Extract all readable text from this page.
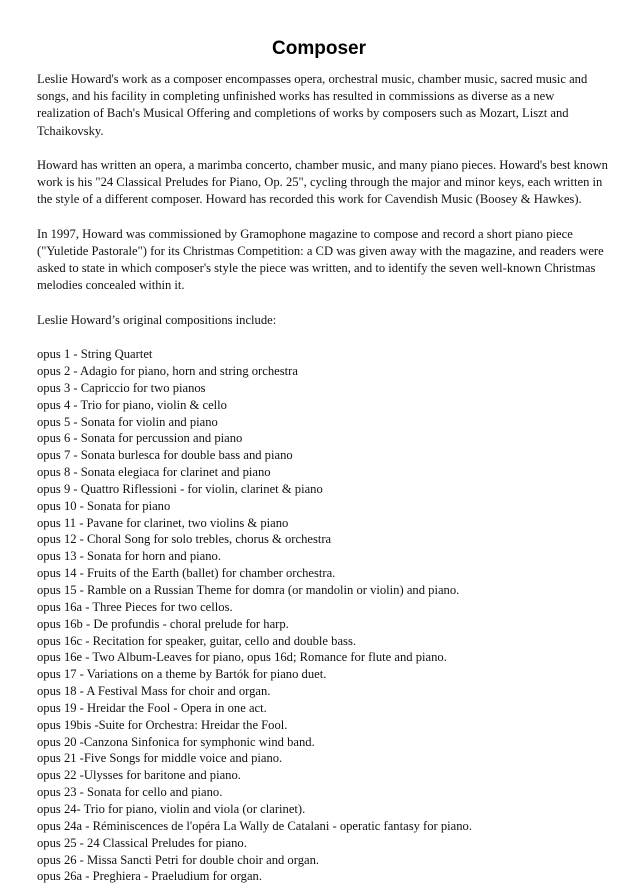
Composer

Leslie Howard's work as a composer encompasses opera, orchestral music, chamber music, sacred music and songs, and his facility in completing unfinished works has resulted in commissions as diverse as a new realization of Bach's Musical Offering and completions of works by composers such as Mozart, Liszt and Tchaikovsky.

Howard has written an opera, a marimba concerto, chamber music, and many piano pieces. Howard's best known work is his "24 Classical Preludes for Piano, Op. 25", cycling through the major and minor keys, each written in the style of a different composer. Howard has recorded this work for Cavendish Music (Boosey & Hawkes).

In 1997, Howard was commissioned by Gramophone magazine to compose and record a short piano piece ("Yuletide Pastorale") for its Christmas Competition: a CD was given away with the magazine, and readers were asked to state in which composer's style the piece was written, and to identify the seven well-known Christmas melodies concealed within it.

Leslie Howard’s original compositions include:

opus 1 - String Quartet
opus 2 - Adagio for piano, horn and string orchestra
opus 3 - Capriccio for two pianos
opus 4 - Trio for piano, violin & cello
opus 5 - Sonata for violin and piano
opus 6 - Sonata for percussion and piano
opus 7 - Sonata burlesca for double bass and piano
opus 8 - Sonata elegiaca for clarinet and piano
opus 9 - Quattro Riflessioni - for violin, clarinet & piano
opus 10 - Sonata for piano
opus 11 - Pavane for clarinet, two violins & piano
opus 12 - Choral Song for solo trebles, chorus & orchestra
opus 13 - Sonata for horn and piano.
opus 14 - Fruits of the Earth (ballet) for chamber orchestra.
opus 15 - Ramble on a Russian Theme for domra (or mandolin or violin) and piano.
opus 16a - Three Pieces for two cellos.
opus 16b - De profundis - choral prelude for harp.
opus 16c - Recitation for speaker, guitar, cello and double bass.
opus 16e - Two Album-Leaves for piano, opus 16d; Romance for flute and piano.
opus 17 - Variations on a theme by Bartók for piano duet.
opus 18 - A Festival Mass for choir and organ.
opus 19 - Hreidar the Fool - Opera in one act.
opus 19bis -Suite for Orchestra: Hreidar the Fool.
opus 20 -Canzona Sinfonica for symphonic wind band.
opus 21 -Five Songs for middle voice and piano.
opus 22 -Ulysses for baritone and piano.
opus 23 - Sonata for cello and piano.
opus 24- Trio for piano, violin and viola (or clarinet).
opus 24a - Réminiscences de l'opéra La Wally de Catalani - operatic fantasy for piano.
opus 25 - 24 Classical Preludes for piano.
opus 26 - Missa Sancti Petri for double choir and organ.
opus 26a - Preghiera - Praeludium for organ.
